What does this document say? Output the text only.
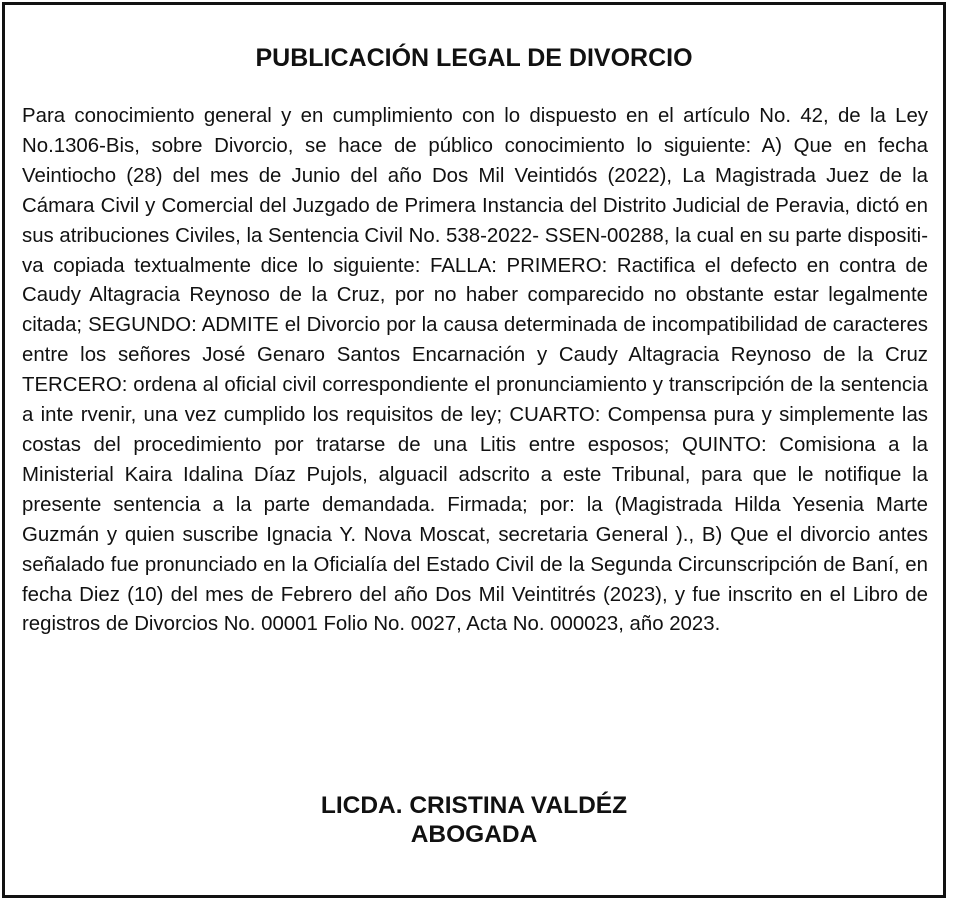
PUBLICACIÓN LEGAL DE DIVORCIO

Para conocimiento general y en cumplimiento con lo dispuesto en el artículo No. 42, de la Ley No.1306-Bis, sobre Divorcio, se hace de público conocimiento lo siguiente: A) Que en fecha Veintiocho (28) del mes de Junio del año Dos Mil Veintidós (2022), La Magistrada Juez de la Cámara Civil y Comercial del Juzgado de Primera Instancia del Distrito Judicial de Peravia, dictó en sus atribuciones Civiles, la Sentencia Civil No. 538-2022- SSEN-00288, la cual en su parte dispositi-va copiada textualmente dice lo siguiente: FALLA: PRIMERO: Ractifica el defecto en contra de Caudy Altagracia Reynoso de la Cruz, por no haber comparecido no obstante estar legalmente citada; SEGUNDO: ADMITE el Divorcio por la causa determinada de incompatibilidad de caracteres entre los señores José Genaro Santos Encarnación y Caudy Altagracia Reynoso de la Cruz TERCERO: ordena al oficial civil correspondiente el pronunciamiento y transcripción de la sentencia a inte rvenir, una vez cumplido los requisitos de ley; CUARTO: Compensa pura y simplemente las costas del procedimiento por tratarse de una Litis entre esposos; QUINTO: Comisiona a la Ministerial Kaira Idalina Díaz Pujols, alguacil adscrito a este Tribunal, para que le notifique la presente sentencia a la parte demandada. Firmada; por: la (Magistrada Hilda Yesenia Marte Guzmán y quien suscribe Ignacia Y. Nova Moscat, secretaria General )., B) Que el divorcio antes señalado fue pronunciado en la Oficialía del Estado Civil de la Segunda Circunscripción de Baní, en fecha Diez (10) del mes de Febrero del año Dos Mil Veintitrés (2023), y fue inscrito en el Libro de registros de Divorcios No. 00001 Folio No. 0027, Acta No. 000023, año 2023.

LICDA. CRISTINA VALDÉZ
ABOGADA
